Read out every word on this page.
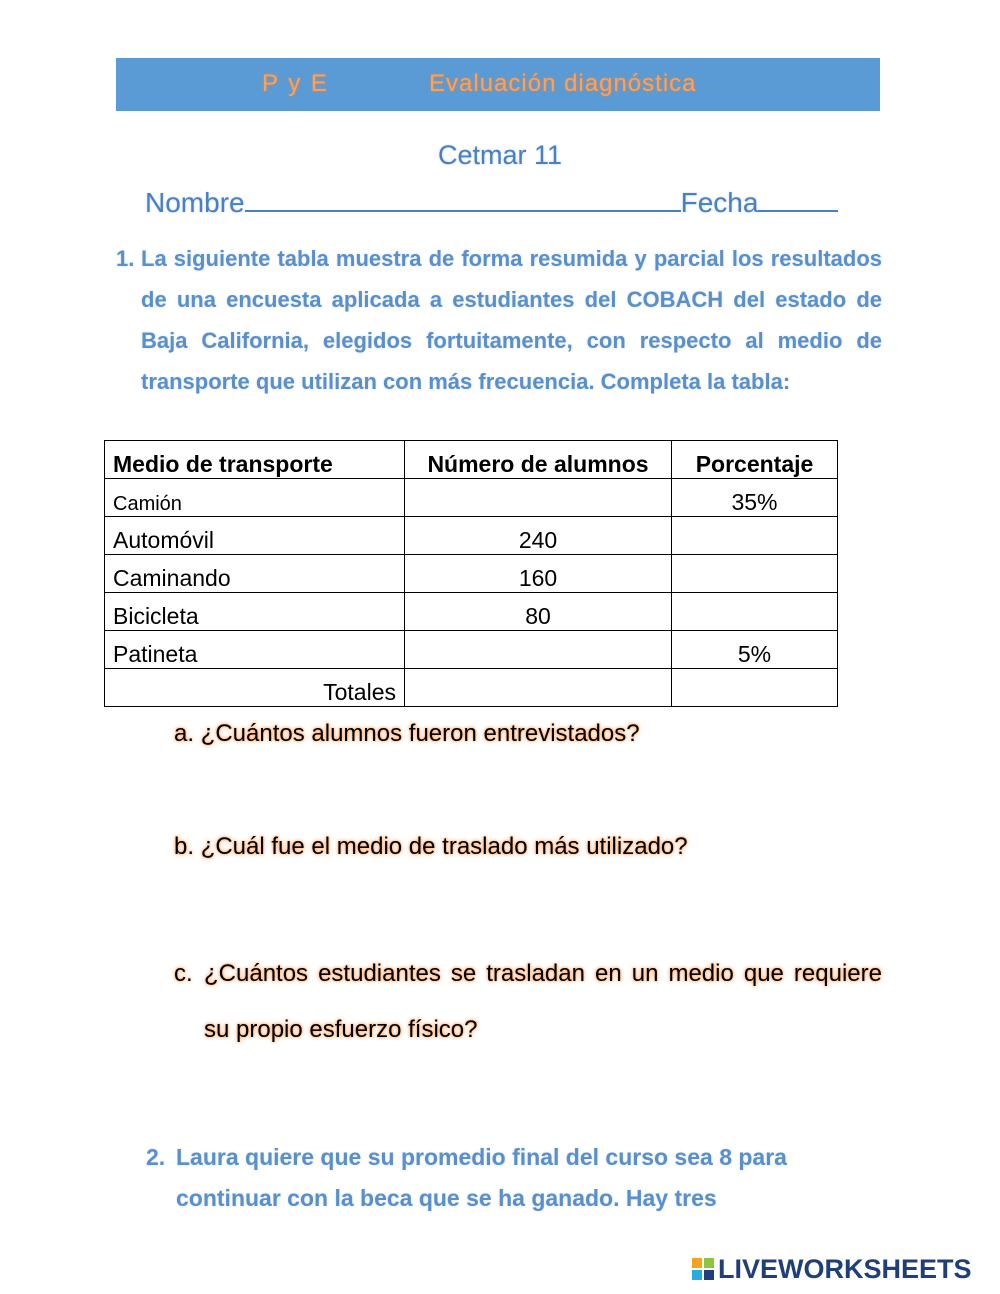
P y E	Evaluación diagnóstica
Cetmar 11
Nombre	Fecha
1. La siguiente tabla muestra de forma resumida y parcial los resultados de una encuesta aplicada a estudiantes del COBACH del estado de Baja California, elegidos fortuitamente, con respecto al medio de transporte que utilizan con más frecuencia. Completa la tabla:
Medio de transporte	Número de alumnos	Porcentaje
Camión		35%
Automóvil	240	
Caminando	160	
Bicicleta	80	
Patineta		5%
Totales		
a. ¿Cuántos alumnos fueron entrevistados?
b. ¿Cuál fue el medio de traslado más utilizado?
c. ¿Cuántos estudiantes se trasladan en un medio que requiere su propio esfuerzo físico?
2. Laura quiere que su promedio final del curso sea 8 para continuar con la beca que se ha ganado. Hay tres
LIVEWORKSHEETS
